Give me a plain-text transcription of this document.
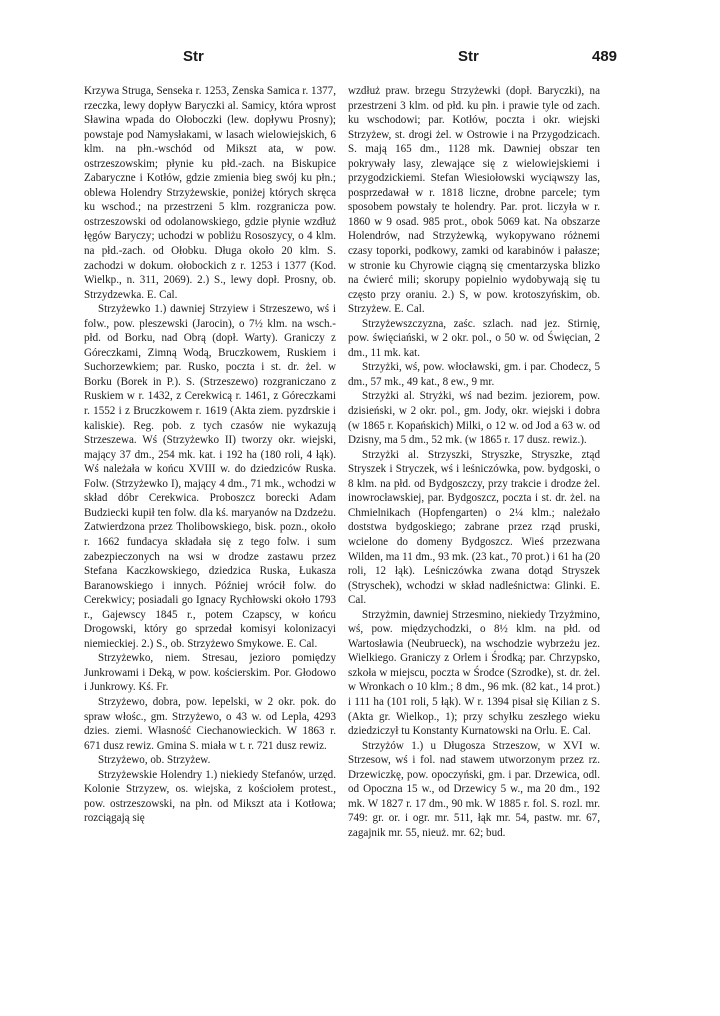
Str	Str	489

Krzywa Struga, Senseka r. 1253, Zenska Samica r. 1377, rzeczka, lewy dopływ Baryczki al. Samicy, która wprost Sławina wpada do Ołoboczki (lew. dopływu Prosny); powstaje pod Namysłakami, w lasach wielowiejskich, 6 klm. na płn.-wschód od Mikszt ata, w pow. ostrzeszowskim; płynie ku płd.-zach. na Biskupice Zabaryczne i Kotłów, gdzie zmienia bieg swój ku płn.; oblewa Holendry Strzyżewskie, poniżej których skręca ku wschod.; na przestrzeni 5 klm. rozgranicza pow. ostrzeszowski od odolanowskiego, gdzie płynie wzdłuż łęgów Baryczy; uchodzi w pobliżu Rososzycy, o 4 klm. na płd.-zach. od Ołobku. Długa około 20 klm. S. zachodzi w dokum. ołobockich z r. 1253 i 1377 (Kod. Wielkp., n. 311, 2069). 2.) S., lewy dopł. Prosny, ob. Strzydzewka. E. Cal.

Strzyżewko 1.) dawniej Strzyiew i Strzeszewo, wś i folw., pow. pleszewski (Jarocin), o 7½ klm. na wsch.-płd. od Borku, nad Obrą (dopł. Warty). Graniczy z Góreczkami, Zimną Wodą, Bruczkowem, Ruskiem i Suchorzewkiem; par. Rusko, poczta i st. dr. żel. w Borku (Borek in P.). S. (Strzeszewo) rozgraniczano z Ruskiem w r. 1432, z Cerekwicą r. 1461, z Góreczkami r. 1552 i z Bruczkowem r. 1619 (Akta ziem. pyzdrskie i kaliskie). Reg. pob. z tych czasów nie wykazują Strzeszewa. Wś (Strzyżewko II) tworzy okr. wiejski, mający 37 dm., 254 mk. kat. i 192 ha (180 roli, 4 łąk). Wś należała w końcu XVIII w. do dziedziców Ruska. Folw. (Strzyżewko I), mający 4 dm., 71 mk., wchodzi w skład dóbr Cerekwica. Proboszcz borecki Adam Budziecki kupił ten folw. dla kś. maryanów na Dzdzeżu. Zatwierdzona przez Tholibowskiego, bisk. pozn., około r. 1662 fundacya składała się z tego folw. i sum zabezpieczonych na wsi w drodze zastawu przez Stefana Kaczkowskiego, dziedzica Ruska, Łukasza Baranowskiego i innych. Później wrócił folw. do Cerekwicy; posiadali go Ignacy Rychłowski około 1793 r., Gajewscy 1845 r., potem Czapscy, w końcu Drogowski, który go sprzedał komisyi kolonizacyi niemieckiej. 2.) S., ob. Strzyżewo Smykowe. E. Cal.

Strzyżewko, niem. Stresau, jezioro pomiędzy Junkrowami i Deką, w pow. kościerskim. Por. Głodowo i Junkrowy. Kś. Fr.

Strzyżewo, dobra, pow. lepelski, w 2 okr. pok. do spraw włośc., gm. Strzyżewo, o 43 w. od Lepla, 4293 dzies. ziemi. Własność Ciechanowieckich. W 1863 r. 671 dusz rewiz. Gmina S. miała w t. r. 721 dusz rewiz.

Strzyżewo, ob. Strzyżew.

Strzyżewskie Holendry 1.) niekiedy Stefanów, urzęd. Kolonie Strzyzew, os. wiejska, z kościołem protest., pow. ostrzeszowski, na płn. od Mikszt ata i Kotłowa; rozciągają się

wzdłuż praw. brzegu Strzyżewki (dopł. Baryczki), na przestrzeni 3 klm. od płd. ku płn. i prawie tyle od zach. ku wschodowi; par. Kotłów, poczta i okr. wiejski Strzyżew, st. drogi żel. w Ostrowie i na Przygodzicach. S. mają 165 dm., 1128 mk. Dawniej obszar ten pokrywały lasy, zlewające się z wielowiejskiemi i przygodzickiemi. Stefan Wiesiołowski wyciąwszy las, posprzedawał w r. 1818 liczne, drobne parcele; tym sposobem powstały te holendry. Par. prot. liczyła w r. 1860 w 9 osad. 985 prot., obok 5069 kat. Na obszarze Holendrów, nad Strzyżewką, wykopywano różnemi czasy toporki, podkowy, zamki od karabinów i pałasze; w stronie ku Chyrowie ciągną się cmentarzyska blizko na ćwierć mili; skorupy popielnio wydobywają się tu często przy oraniu. 2.) S, w pow. krotoszyńskim, ob. Strzyżew. E. Cal.

Strzyżewszczyzna, zaśc. szlach. nad jez. Stirnię, pow. święciański, w 2 okr. pol., o 50 w. od Święcian, 2 dm., 11 mk. kat.

Strzyżki, wś, pow. włocławski, gm. i par. Chodecz, 5 dm., 57 mk., 49 kat., 8 ew., 9 mr.

Strzyżki al. Stryżki, wś nad bezim. jeziorem, pow. dzisieński, w 2 okr. pol., gm. Jody, okr. wiejski i dobra (w 1865 r. Kopańskich) Milki, o 12 w. od Jod a 63 w. od Dzisny, ma 5 dm., 52 mk. (w 1865 r. 17 dusz. rewiz.).

Strzyżki al. Strzyszki, Stryszke, Stryszke, ztąd Stryszek i Stryczek, wś i leśniczówka, pow. bydgoski, o 8 klm. na płd. od Bydgoszczy, przy trakcie i drodze żel. inowrocławskiej, par. Bydgoszcz, poczta i st. dr. żel. na Chmielnikach (Hopfengarten) o 2¼ klm.; należało doststwa bydgoskiego; zabrane przez rząd pruski, wcielone do domeny Bydgoszcz. Wieś przezwana Wilden, ma 11 dm., 93 mk. (23 kat., 70 prot.) i 61 ha (20 roli, 12 łąk). Leśniczówka zwana dotąd Stryszek (Stryschek), wchodzi w skład nadleśnictwa: Glinki. E. Cal.

Strzyżmin, dawniej Strzesmino, niekiedy Trzyżmino, wś, pow. międzychodzki, o 8½ klm. na płd. od Wartosławia (Neubrueck), na wschodzie wybrzeżu jez. Wielkiego. Graniczy z Orlem i Środką; par. Chrzypsko, szkoła w miejscu, poczta w Środce (Szrodke), st. dr. żel. w Wronkach o 10 klm.; 8 dm., 96 mk. (82 kat., 14 prot.) i 111 ha (101 roli, 5 łąk). W r. 1394 pisał się Kilian z S. (Akta gr. Wielkop., 1); przy schyłku zeszłego wieku dziedziczył tu Konstanty Kurnatowski na Orlu. E. Cal.

Strzyżów 1.) u Długosza Strzeszow, w XVI w. Strzesow, wś i fol. nad stawem utworzonym przez rz. Drzewiczkę, pow. opoczyński, gm. i par. Drzewica, odl. od Opoczna 15 w., od Drzewicy 5 w., ma 20 dm., 192 mk. W 1827 r. 17 dm., 90 mk. W 1885 r. fol. S. rozl. mr. 749: gr. or. i ogr. mr. 511, łąk mr. 54, pastw. mr. 67, zagajnik mr. 55, nieuż. mr. 62; bud.
